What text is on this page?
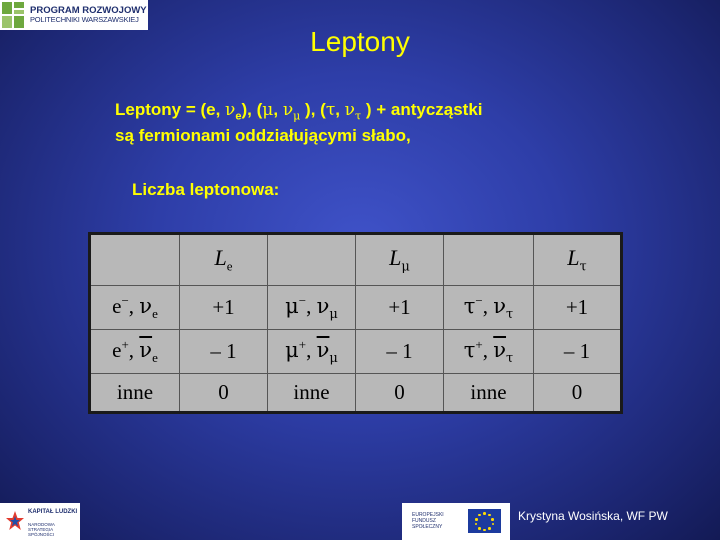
PROGRAM ROZWOJOWY
POLITECHNIKI WARSZAWSKIEJ
Leptony
Leptony = (e, $\nu_e$), (μ, $\nu_\mu$ ), (τ, $\nu_\tau$ ) + antycząstki
są fermionami oddziałującymi słabo,
Liczba leptonowa:
	$L_e$		$L_\mu$		$L_\tau$
e−, $\nu_e$	+1	μ−, $\nu_\mu$	+1	τ−, $\nu_\tau$	+1
e+, $\overline{\nu}_e$	– 1	μ+, $\overline{\nu}_\mu$	– 1	τ+, $\overline{\nu}_\tau$	– 1
inne	0	inne	0	inne	0
KAPITAŁ LUDZKI
NARODOWA STRATEGIA SPÓJNOŚCI
EUROPEJSKI
FUNDUSZ SPOŁECZNY
Krystyna Wosińska, WF PW
